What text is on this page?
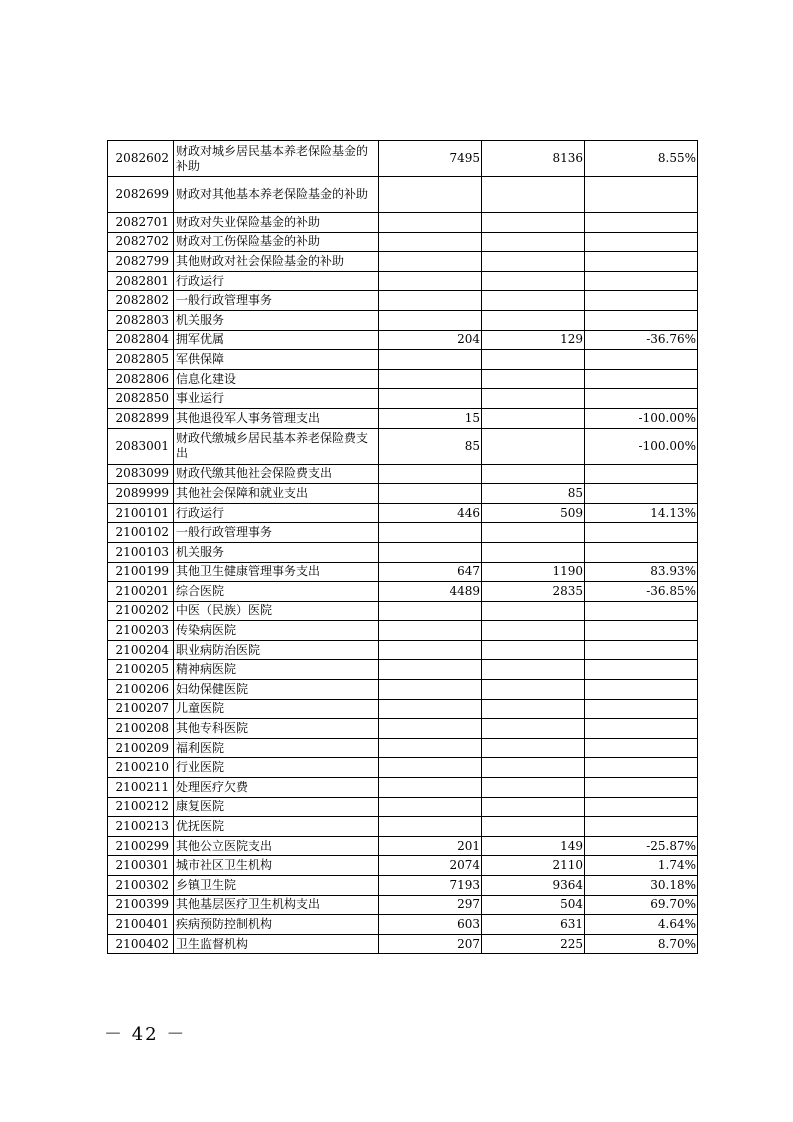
2082602	财政对城乡居民基本养老保险基金的补助	7495	8136	8.55%
2082699	财政对其他基本养老保险基金的补助			
2082701	财政对失业保险基金的补助			
2082702	财政对工伤保险基金的补助			
2082799	其他财政对社会保险基金的补助			
2082801	行政运行			
2082802	一般行政管理事务			
2082803	机关服务			
2082804	拥军优属	204	129	-36.76%
2082805	军供保障			
2082806	信息化建设			
2082850	事业运行			
2082899	其他退役军人事务管理支出	15		-100.00%
2083001	财政代缴城乡居民基本养老保险费支出	85		-100.00%
2083099	财政代缴其他社会保险费支出			
2089999	其他社会保障和就业支出		85	
2100101	行政运行	446	509	14.13%
2100102	一般行政管理事务			
2100103	机关服务			
2100199	其他卫生健康管理事务支出	647	1190	83.93%
2100201	综合医院	4489	2835	-36.85%
2100202	中医（民族）医院			
2100203	传染病医院			
2100204	职业病防治医院			
2100205	精神病医院			
2100206	妇幼保健医院			
2100207	儿童医院			
2100208	其他专科医院			
2100209	福利医院			
2100210	行业医院			
2100211	处理医疗欠费			
2100212	康复医院			
2100213	优抚医院			
2100299	其他公立医院支出	201	149	-25.87%
2100301	城市社区卫生机构	2074	2110	1.74%
2100302	乡镇卫生院	7193	9364	30.18%
2100399	其他基层医疗卫生机构支出	297	504	69.70%
2100401	疾病预防控制机构	603	631	4.64%
2100402	卫生监督机构	207	225	8.70%
－ 42 －
